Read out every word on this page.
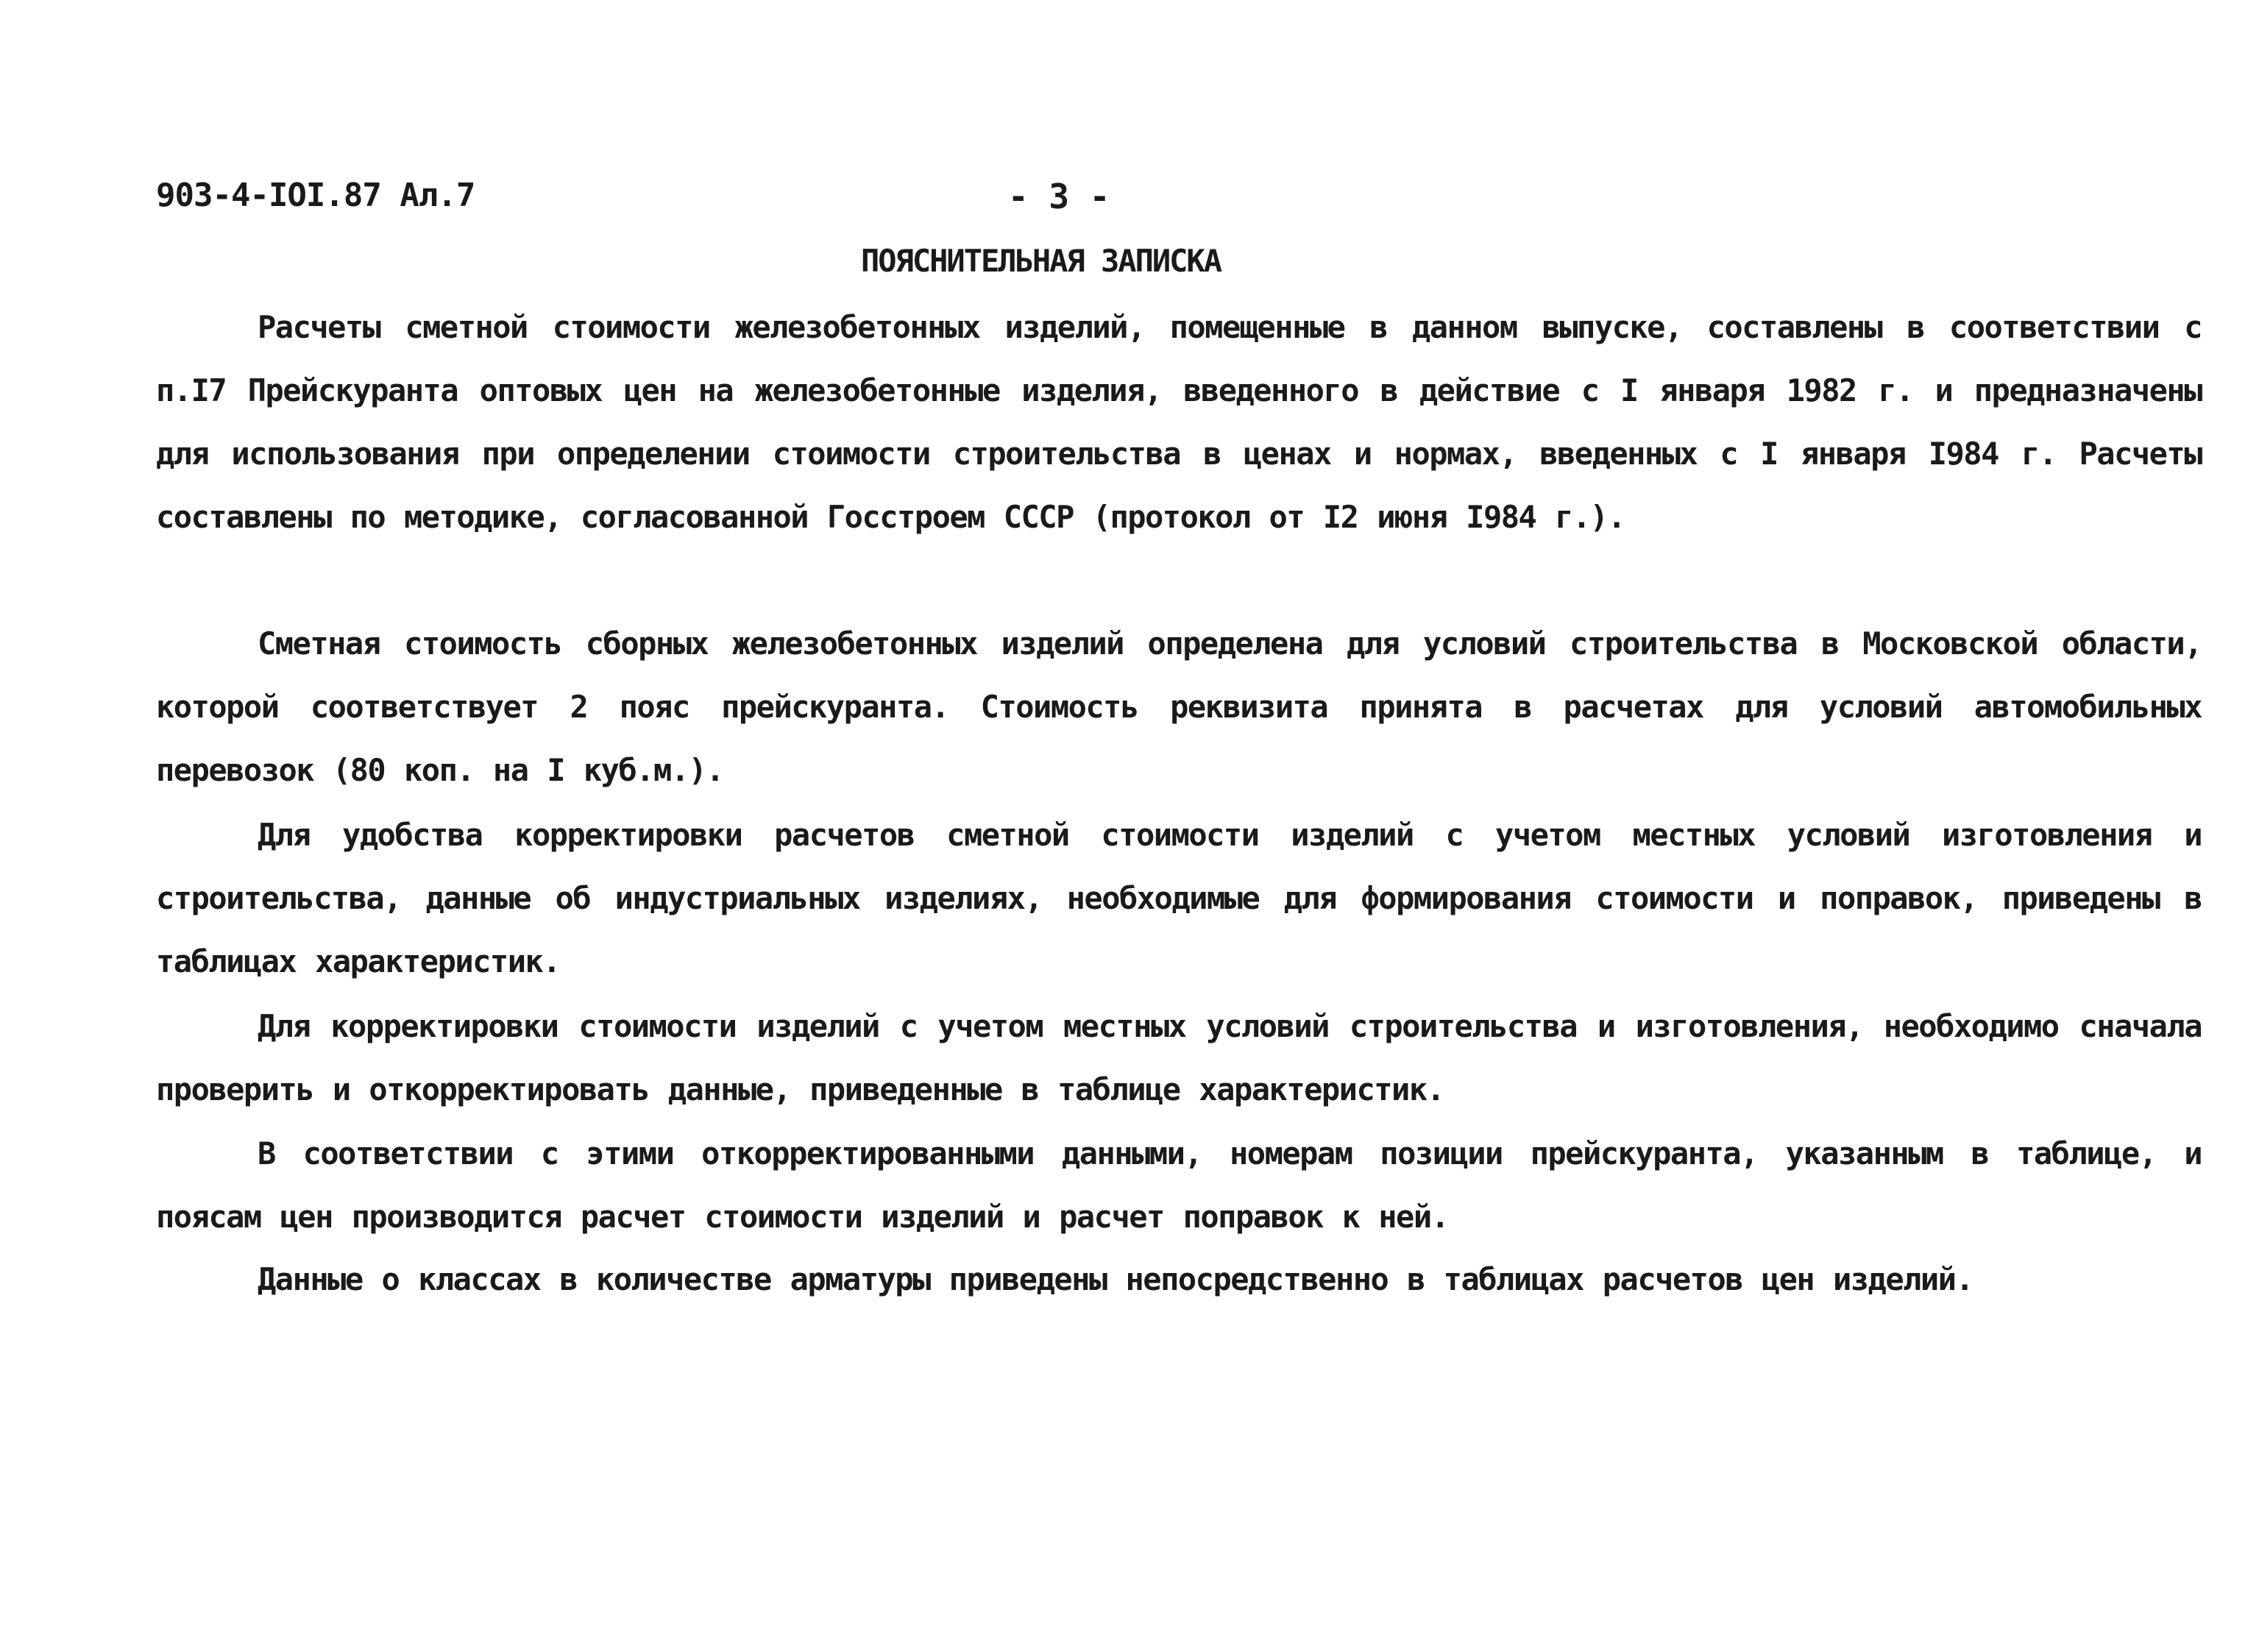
903-4-IOI.87 Ал.7	- 3 -
ПОЯСНИТЕЛЬНАЯ ЗАПИСКА

Расчеты сметной стоимости железобетонных изделий, помещенные в данном выпуске, составлены в соответствии с п.I7 Прейскуранта оптовых цен на железобетонные изделия, введенного в действие с I января 1982 г. и предназначены для использования при определении стоимости строительства в ценах и нормах, введенных с I января I984 г. Расчеты составлены по методике, согласованной Госстроем СССР (протокол от I2 июня I984 г.).

Сметная стоимость сборных железобетонных изделий определена для условий строительства в Московской области, которой соответствует 2 пояс прейскуранта. Стоимость реквизита принята в расчетах для условий автомобильных перевозок (80 коп. на I куб.м.).

Для удобства корректировки расчетов сметной стоимости изделий с учетом местных условий изготовления и строительства, данные об индустриальных изделиях, необходимые для формирования стоимости и поправок, приведены в таблицах характеристик.

Для корректировки стоимости изделий с учетом местных условий строительства и изготовления, необходимо сначала проверить и откорректировать данные, приведенные в таблице характеристик.

В соответствии с этими откорректированными данными, номерам позиции прейскуранта, указанным в таблице, и поясам цен производится расчет стоимости изделий и расчет поправок к ней.

Данные о классах в количестве арматуры приведены непосредственно в таблицах расчетов цен изделий.
